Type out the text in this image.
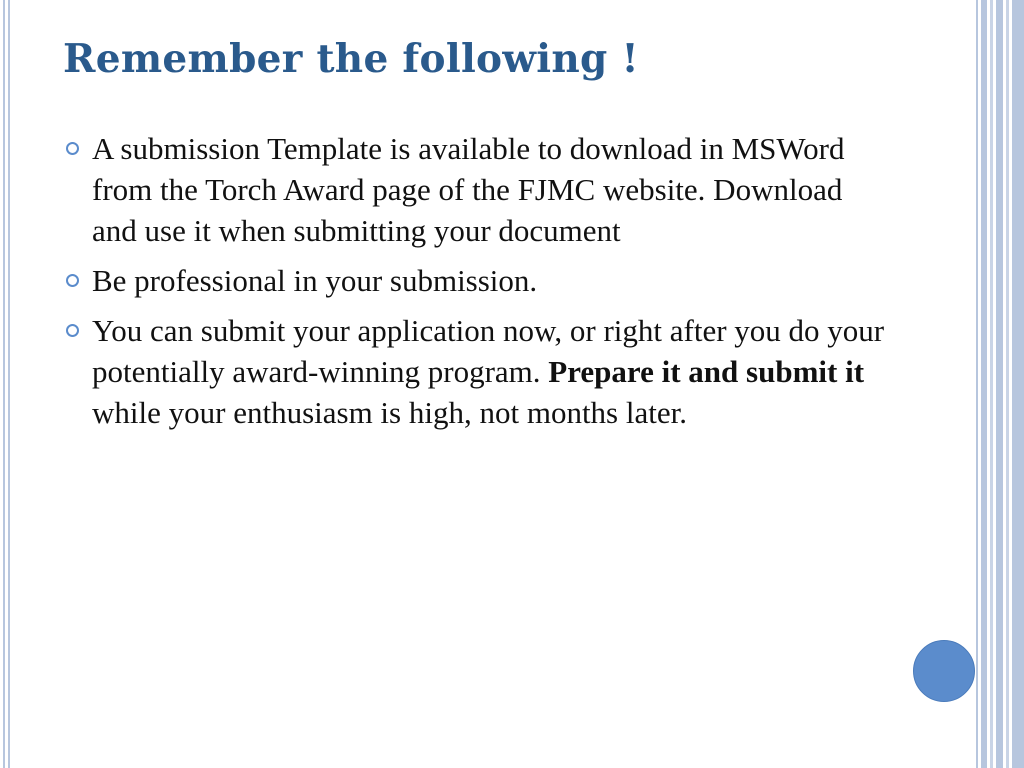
Remember the following !
A submission Template is available to download in MSWord from the Torch Award page of the FJMC website. Download and use it when submitting your document
Be professional in your submission.
You can submit your application now, or right after you do your potentially award-winning program. Prepare it and submit it while your enthusiasm is high, not months later.
